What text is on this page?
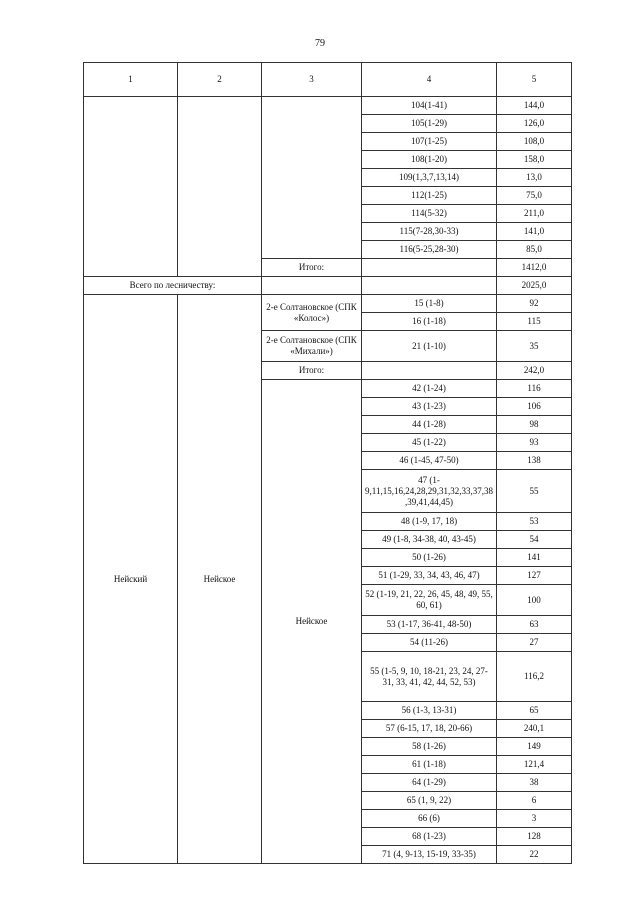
79
1	2	3	4	5
			104(1-41)	144,0
			105(1-29)	126,0
			107(1-25)	108,0
			108(1-20)	158,0
			109(1,3,7,13,14)	13,0
			112(1-25)	75,0
			114(5-32)	211,0
			115(7-28,30-33)	141,0
			116(5-25,28-30)	85,0
		Итого:		1412,0
Всего по лесничеству:				2025,0
Нейский	Нейское	2-е Солтановское (СПК «Колос»)	15 (1-8)	92
			16 (1-18)	115
		2-е Солтановское (СПК «Михали»)	21 (1-10)	35
		Итого:		242,0
		Нейское	42 (1-24)	116
			43 (1-23)	106
			44 (1-28)	98
			45 (1-22)	93
			46 (1-45, 47-50)	138
			47 (1-9,11,15,16,24,28,29,31,32,33,37,38,39,41,44,45)	55
			48 (1-9, 17, 18)	53
			49 (1-8, 34-38, 40, 43-45)	54
			50 (1-26)	141
			51 (1-29, 33, 34, 43, 46, 47)	127
			52 (1-19, 21, 22, 26, 45, 48, 49, 55, 60, 61)	100
			53 (1-17, 36-41, 48-50)	63
			54 (11-26)	27
			55 (1-5, 9, 10, 18-21, 23, 24, 27-31, 33, 41, 42, 44, 52, 53)	116,2
			56 (1-3, 13-31)	65
			57 (6-15, 17, 18, 20-66)	240,1
			58 (1-26)	149
			61 (1-18)	121,4
			64 (1-29)	38
			65 (1, 9, 22)	6
			66 (6)	3
			68 (1-23)	128
			71 (4, 9-13, 15-19, 33-35)	22
